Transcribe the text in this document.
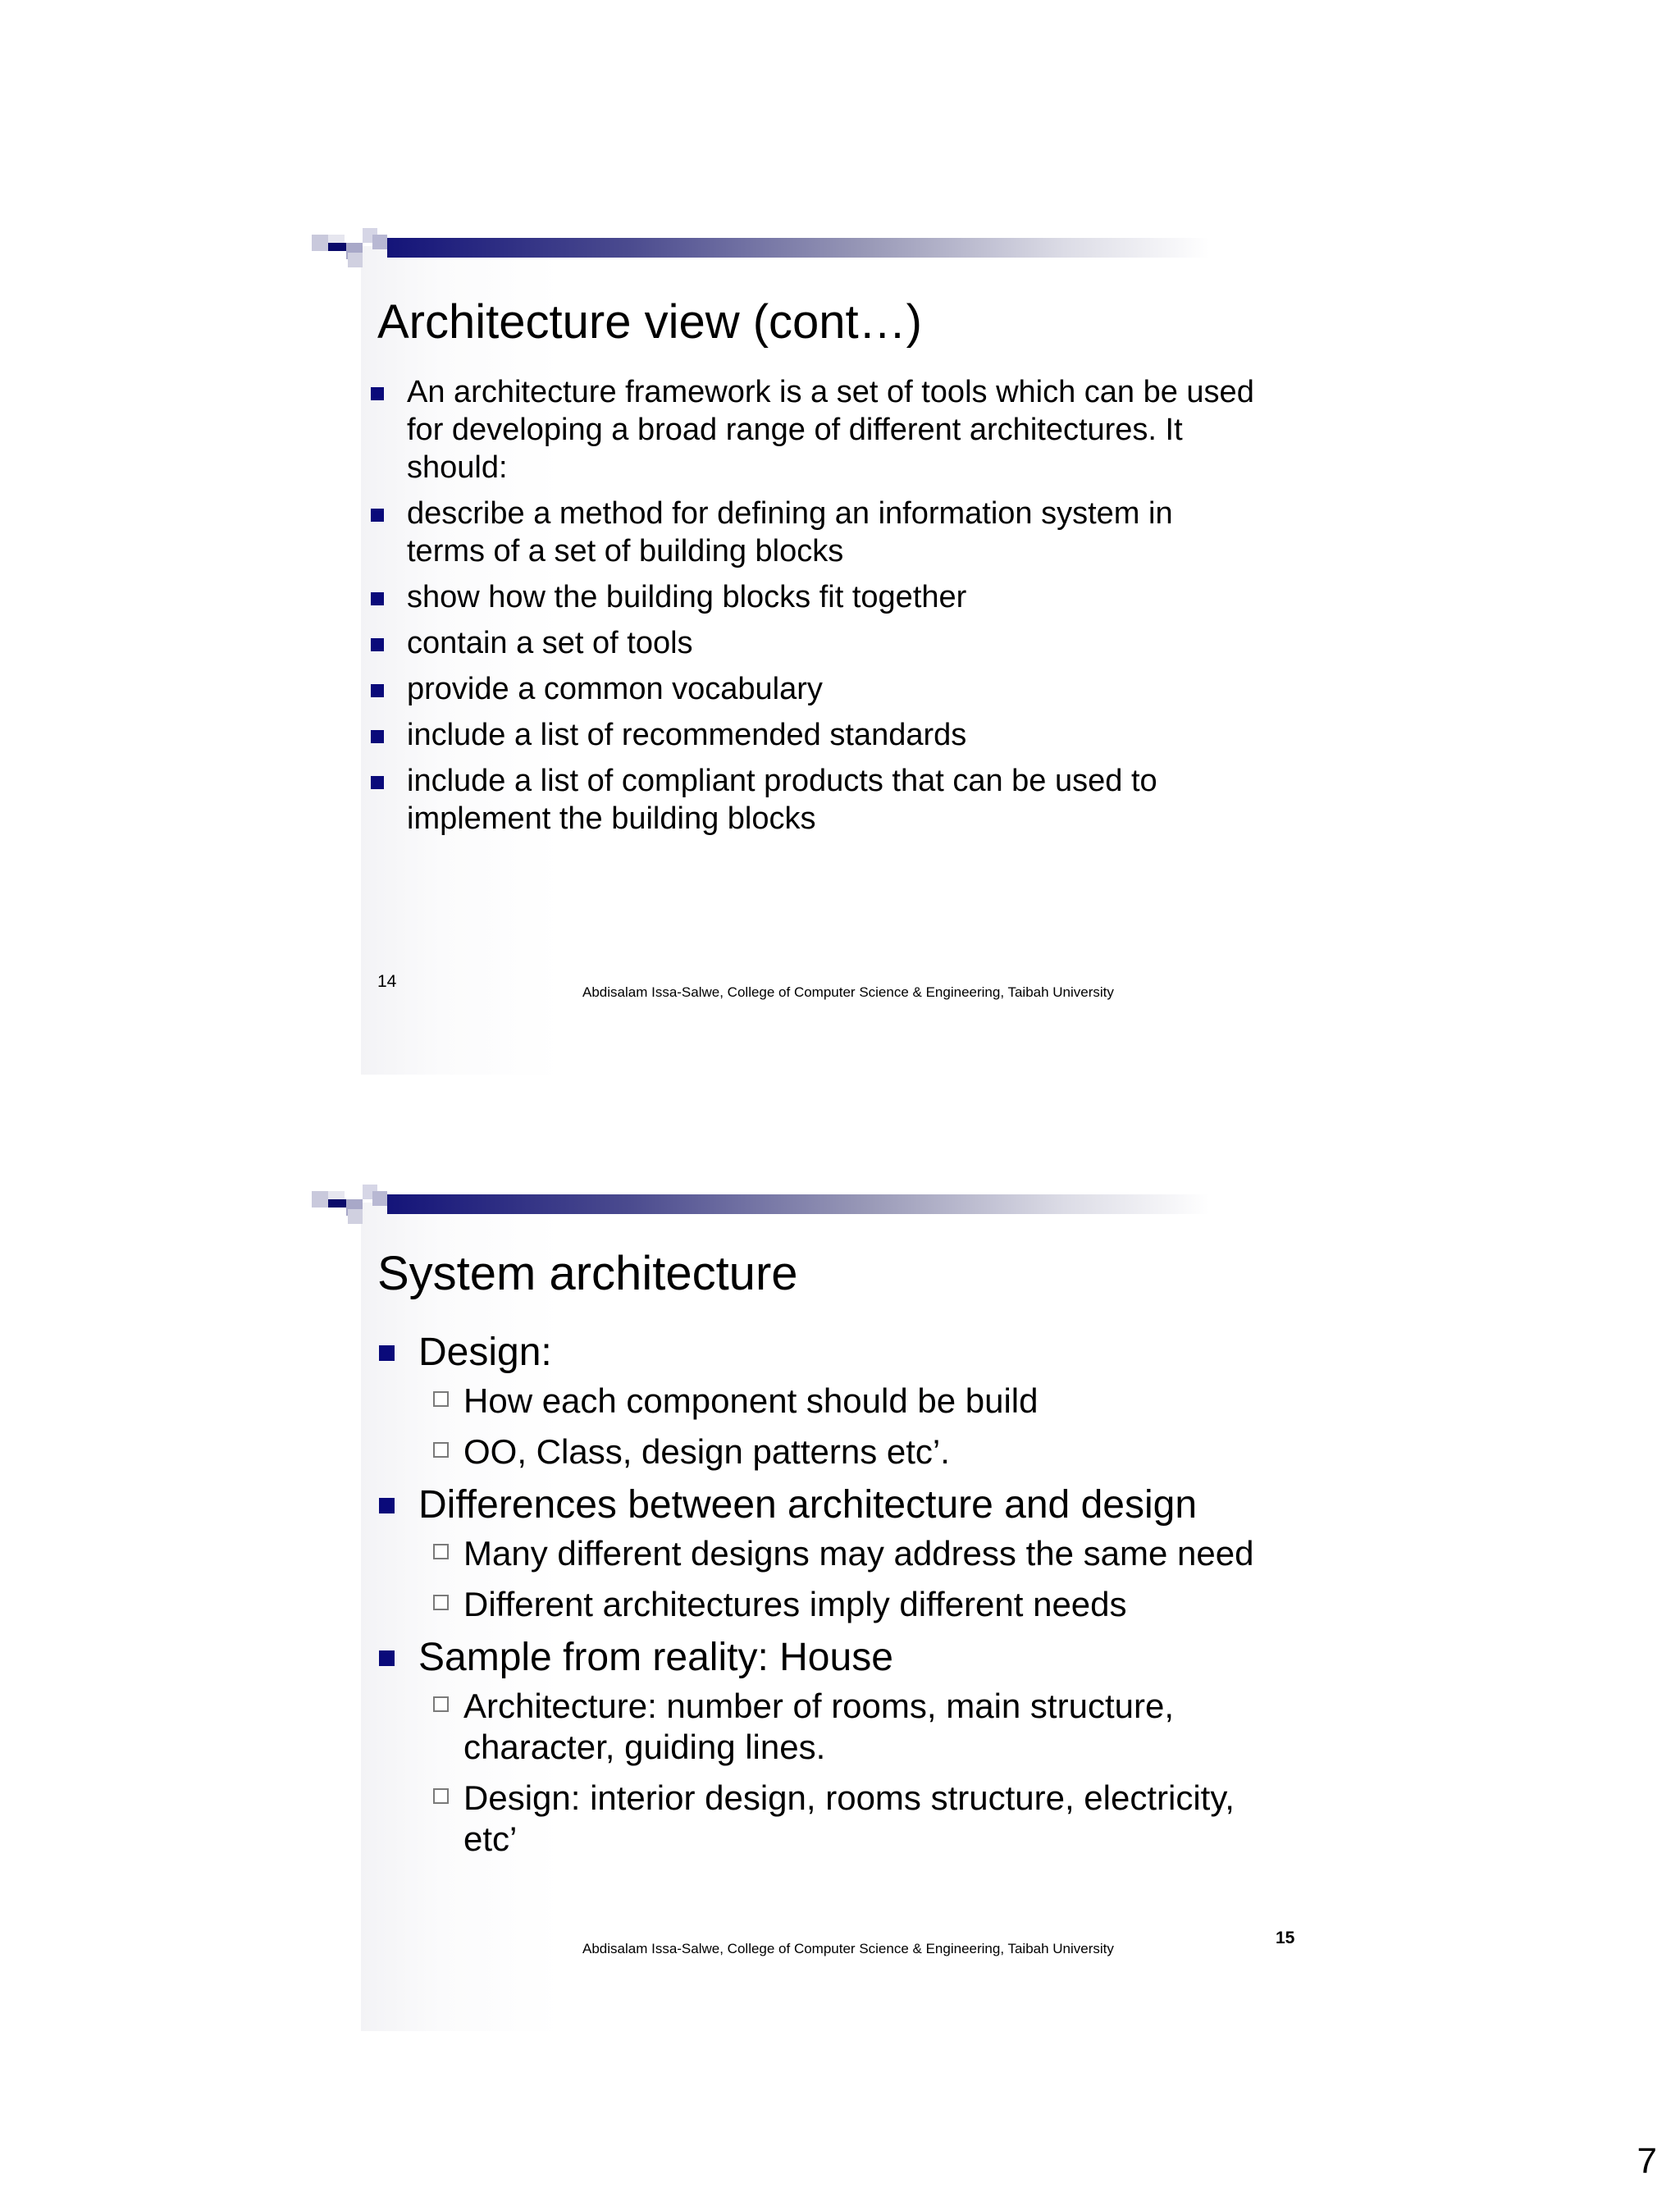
Architecture view (cont…)
An architecture framework is a set of tools which can be used for developing a broad range of different architectures. It should:
describe a method for defining an information system in terms of a set of building blocks
show how the building blocks fit together
contain a set of tools
provide a common vocabulary
include a list of recommended standards
include a list of compliant products that can be used to implement the building blocks
14
Abdisalam Issa-Salwe, College of Computer Science & Engineering, Taibah University
System architecture
Design:
How each component should be build
OO, Class, design patterns etc’.
Differences between architecture and design
Many different designs may address the same need
Different architectures imply different needs
Sample from reality: House
Architecture: number of rooms, main structure, character, guiding lines.
Design: interior design, rooms structure, electricity, etc’
15
Abdisalam Issa-Salwe, College of Computer Science & Engineering, Taibah University
7
